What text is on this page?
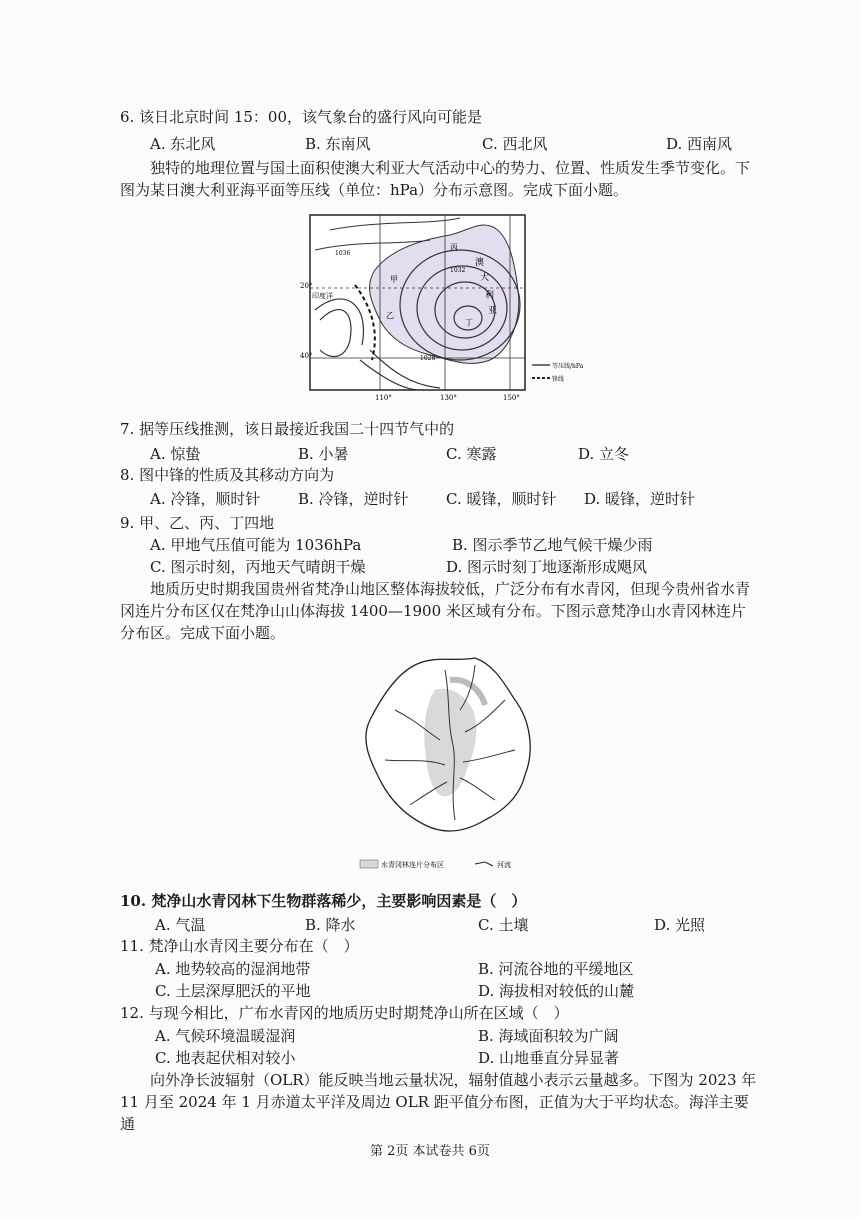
6. 该日北京时间 15：00，该气象台的盛行风向可能是
A. 东北风	B. 东南风	C. 西北风	D. 西南风
独特的地理位置与国土面积使澳大利亚大气活动中心的势力、位置、性质发生季节变化。下图为某日澳大利亚海平面等压线（单位：hPa）分布示意图。完成下面小题。
20°
40°
110°	130°	150°
印度洋
甲
乙
丙
丁
澳
大
利
亚
1036
1032
1028
等压线/hPa
锋线
7. 据等压线推测，该日最接近我国二十四节气中的
A. 惊蛰	B. 小暑	C. 寒露	D. 立冬
8. 图中锋的性质及其移动方向为
A. 冷锋，顺时针	B. 冷锋，逆时针 C. 暖锋，顺时针 D. 暖锋，逆时针
9. 甲、乙、丙、丁四地
A. 甲地气压值可能为 1036hPa	B. 图示季节乙地气候干燥少雨
C. 图示时刻，丙地天气晴朗干燥	D. 图示时刻丁地逐渐形成飓风
地质历史时期我国贵州省梵净山地区整体海拔较低，广泛分布有水青冈，但现今贵州省水青冈连片分布区仅在梵净山山体海拔 1400—1900 米区域有分布。下图示意梵净山水青冈林连片分布区。完成下面小题。
水青冈林连片分布区	河流
10. 梵净山水青冈林下生物群落稀少，主要影响因素是（　）
A. 气温	B. 降水	C. 土壤	D. 光照
11. 梵净山水青冈主要分布在（　）
A. 地势较高的湿润地带	B. 河流谷地的平缓地区
C. 土层深厚肥沃的平地	D. 海拔相对较低的山麓
12. 与现今相比，广布水青冈的地质历史时期梵净山所在区域（　）
A. 气候环境温暖湿润	B. 海域面积较为广阔
C. 地表起伏相对较小	D. 山地垂直分异显著
向外净长波辐射（OLR）能反映当地云量状况，辐射值越小表示云量越多。下图为 2023 年 11 月至 2024 年 1 月赤道太平洋及周边 OLR 距平值分布图，正值为大于平均状态。海洋主要通
第 2页 本试卷共 6页
